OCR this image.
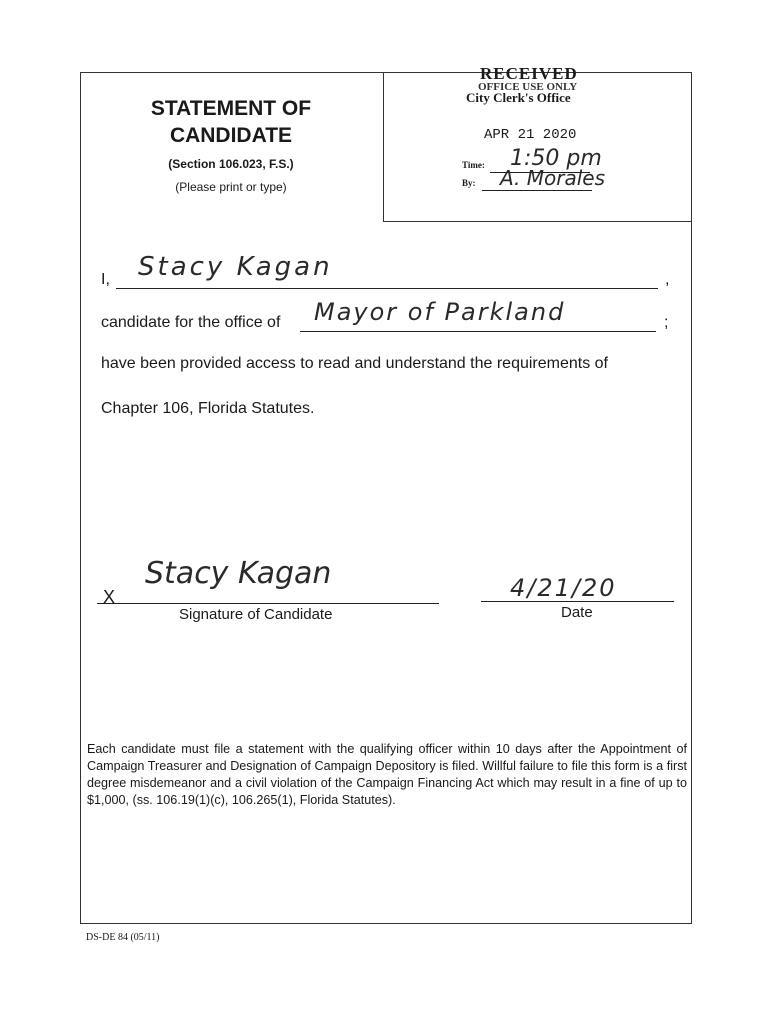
STATEMENT OF
CANDIDATE
(Section 106.023, F.S.)
(Please print or type)
RECEIVED
OFFICE USE ONLY
City Clerk's Office
APR 21 2020
Time: 1:50 pm
By: A. Morales
I,	,
Stacy Kagan
candidate for the office of	;
Mayor of Parkland
have been provided access to read and understand the requirements of
Chapter 106, Florida Statutes.
X
Stacy Kagan
Signature of Candidate
4/21/20
Date
Each candidate must file a statement with the qualifying officer within 10 days after the Appointment of Campaign Treasurer and Designation of Campaign Depository is filed. Willful failure to file this form is a first degree misdemeanor and a civil violation of the Campaign Financing Act which may result in a fine of up to $1,000, (ss. 106.19(1)(c), 106.265(1), Florida Statutes).
DS-DE 84 (05/11)
